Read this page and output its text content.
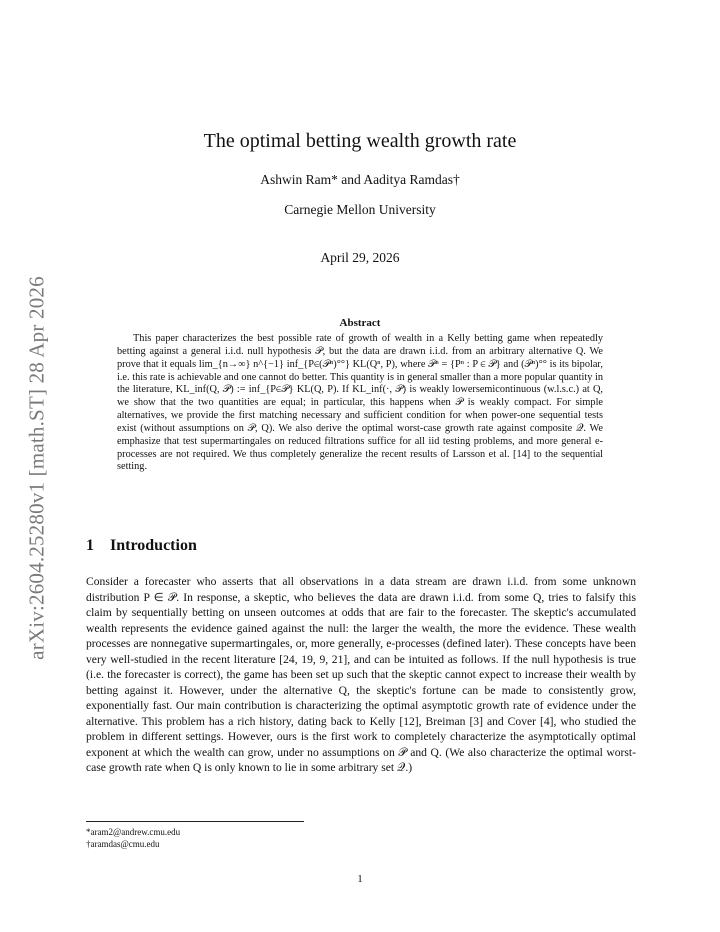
arXiv:2604.25280v1 [math.ST] 28 Apr 2026
The optimal betting wealth growth rate
Ashwin Ram* and Aaditya Ramdas†
Carnegie Mellon University
April 29, 2026
Abstract

This paper characterizes the best possible rate of growth of wealth in a Kelly betting game when repeatedly betting against a general i.i.d. null hypothesis 𝒫, but the data are drawn i.i.d. from an arbitrary alternative Q. We prove that it equals lim_{n→∞} n^{−1} inf_{P∈(𝒫ⁿ)°°} KL(Qⁿ, P), where 𝒫ⁿ = {Pⁿ : P ∈ 𝒫} and (𝒫ⁿ)°° is its bipolar, i.e. this rate is achievable and one cannot do better. This quantity is in general smaller than a more popular quantity in the literature, KL_inf(Q, 𝒫) := inf_{P∈𝒫} KL(Q, P). If KL_inf(·, 𝒫) is weakly lowersemicontinuous (w.l.s.c.) at Q, we show that the two quantities are equal; in particular, this happens when 𝒫 is weakly compact. For simple alternatives, we provide the first matching necessary and sufficient condition for when power-one sequential tests exist (without assumptions on 𝒫, Q). We also derive the optimal worst-case growth rate against composite 𝒬. We emphasize that test supermartingales on reduced filtrations suffice for all iid testing problems, and more general e-processes are not required. We thus completely generalize the recent results of Larsson et al. [14] to the sequential setting.

1 Introduction

Consider a forecaster who asserts that all observations in a data stream are drawn i.i.d. from some unknown distribution P ∈ 𝒫. In response, a skeptic, who believes the data are drawn i.i.d. from some Q, tries to falsify this claim by sequentially betting on unseen outcomes at odds that are fair to the forecaster. The skeptic's accumulated wealth represents the evidence gained against the null: the larger the wealth, the more the evidence. These wealth processes are nonnegative supermartingales, or, more generally, e-processes (defined later). These concepts have been very well-studied in the recent literature [24, 19, 9, 21], and can be intuited as follows. If the null hypothesis is true (i.e. the forecaster is correct), the game has been set up such that the skeptic cannot expect to increase their wealth by betting against it. However, under the alternative Q, the skeptic's fortune can be made to consistently grow, exponentially fast. Our main contribution is characterizing the optimal asymptotic growth rate of evidence under the alternative. This problem has a rich history, dating back to Kelly [12], Breiman [3] and Cover [4], who studied the problem in different settings. However, ours is the first work to completely characterize the asymptotically optimal exponent at which the wealth can grow, under no assumptions on 𝒫 and Q. (We also characterize the optimal worst-case growth rate when Q is only known to lie in some arbitrary set 𝒬.)

*aram2@andrew.cmu.edu
†aramdas@cmu.edu
1
